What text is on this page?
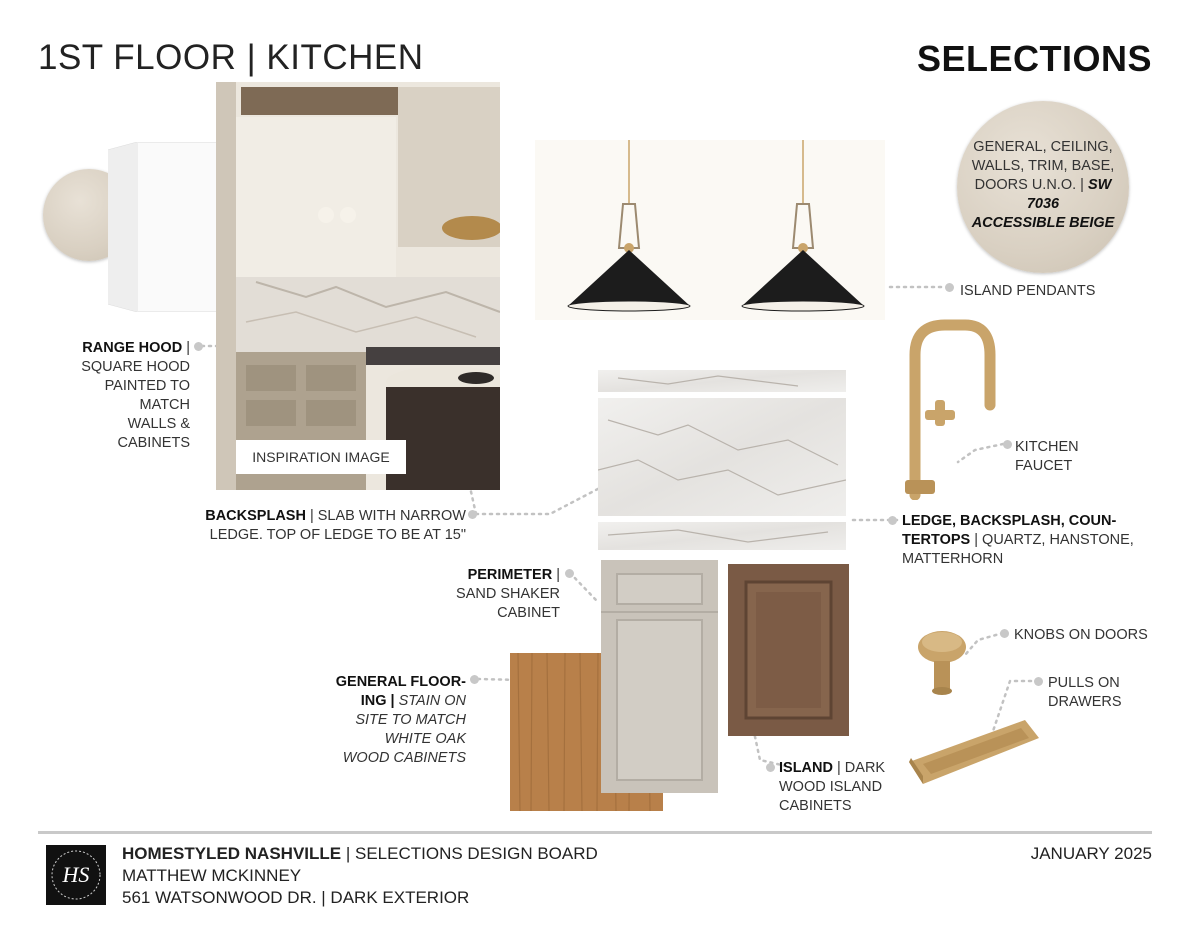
1ST FLOOR | KITCHEN	SELECTIONS
RANGE HOOD |
SQUARE HOOD
PAINTED TO MATCH
WALLS & CABINETS
INSPIRATION IMAGE
ISLAND PENDANTS
GENERAL, CEILING,
WALLS, TRIM, BASE,
DOORS U.N.O. | SW 7036
ACCESSIBLE BEIGE
KITCHEN
FAUCET
BACKSPLASH | SLAB WITH NARROW
LEDGE. TOP OF LEDGE TO BE AT 15"
LEDGE, BACKSPLASH, COUN-
TERTOPS | QUARTZ, HANSTONE,
MATTERHORN
PERIMETER |
SAND SHAKER
CABINET
GENERAL FLOOR-
ING | STAIN ON
SITE TO MATCH
WHITE OAK
WOOD CABINETS
ISLAND | DARK
WOOD ISLAND
CABINETS
KNOBS ON DOORS
PULLS ON
DRAWERS
HS
HOMESTYLED NASHVILLE | SELECTIONS DESIGN BOARD
MATTHEW MCKINNEY
561 WATSONWOOD DR. | DARK EXTERIOR
JANUARY 2025
